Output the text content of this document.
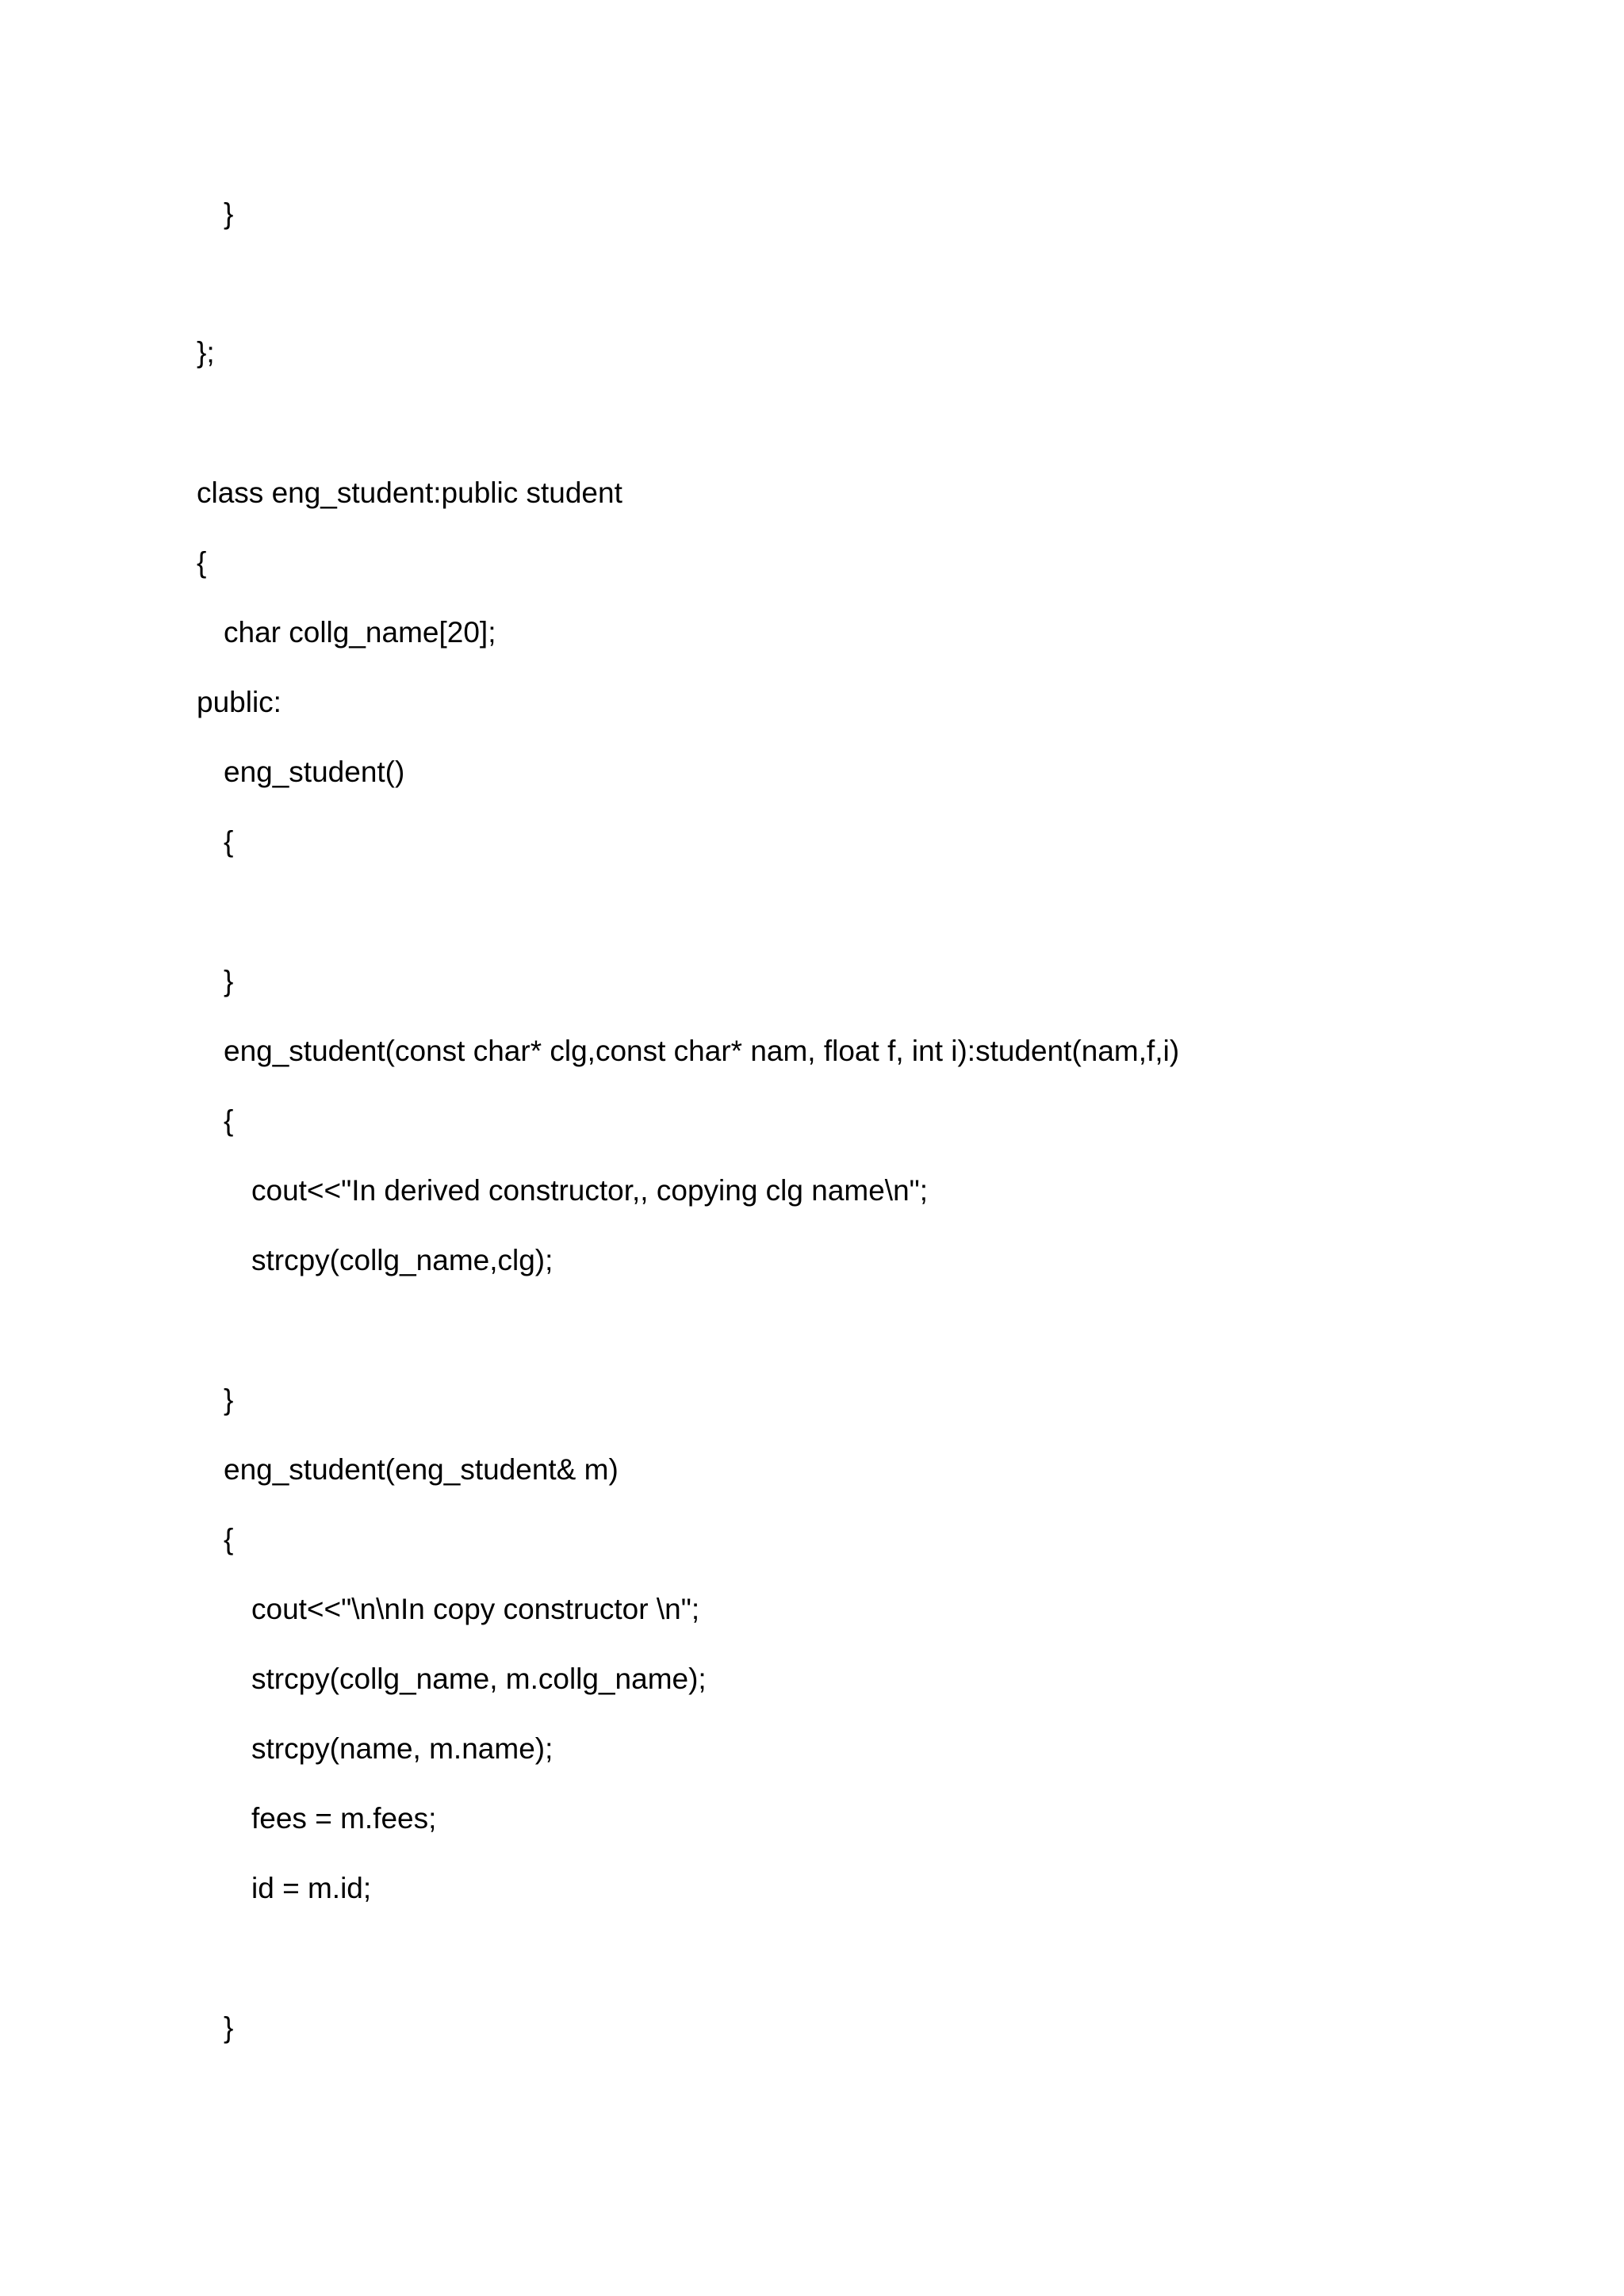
}
};
class eng_student:public student
{
char collg_name[20];
public:
eng_student()
{
}
eng_student(const char* clg,const char* nam, float f, int i):student(nam,f,i)
{
cout<<"In derived constructor,, copying clg name\n";
strcpy(collg_name,clg);
}
eng_student(eng_student& m)
{
cout<<"\n\nIn copy constructor \n";
strcpy(collg_name, m.collg_name);
strcpy(name, m.name);
fees = m.fees;
id = m.id;
}
